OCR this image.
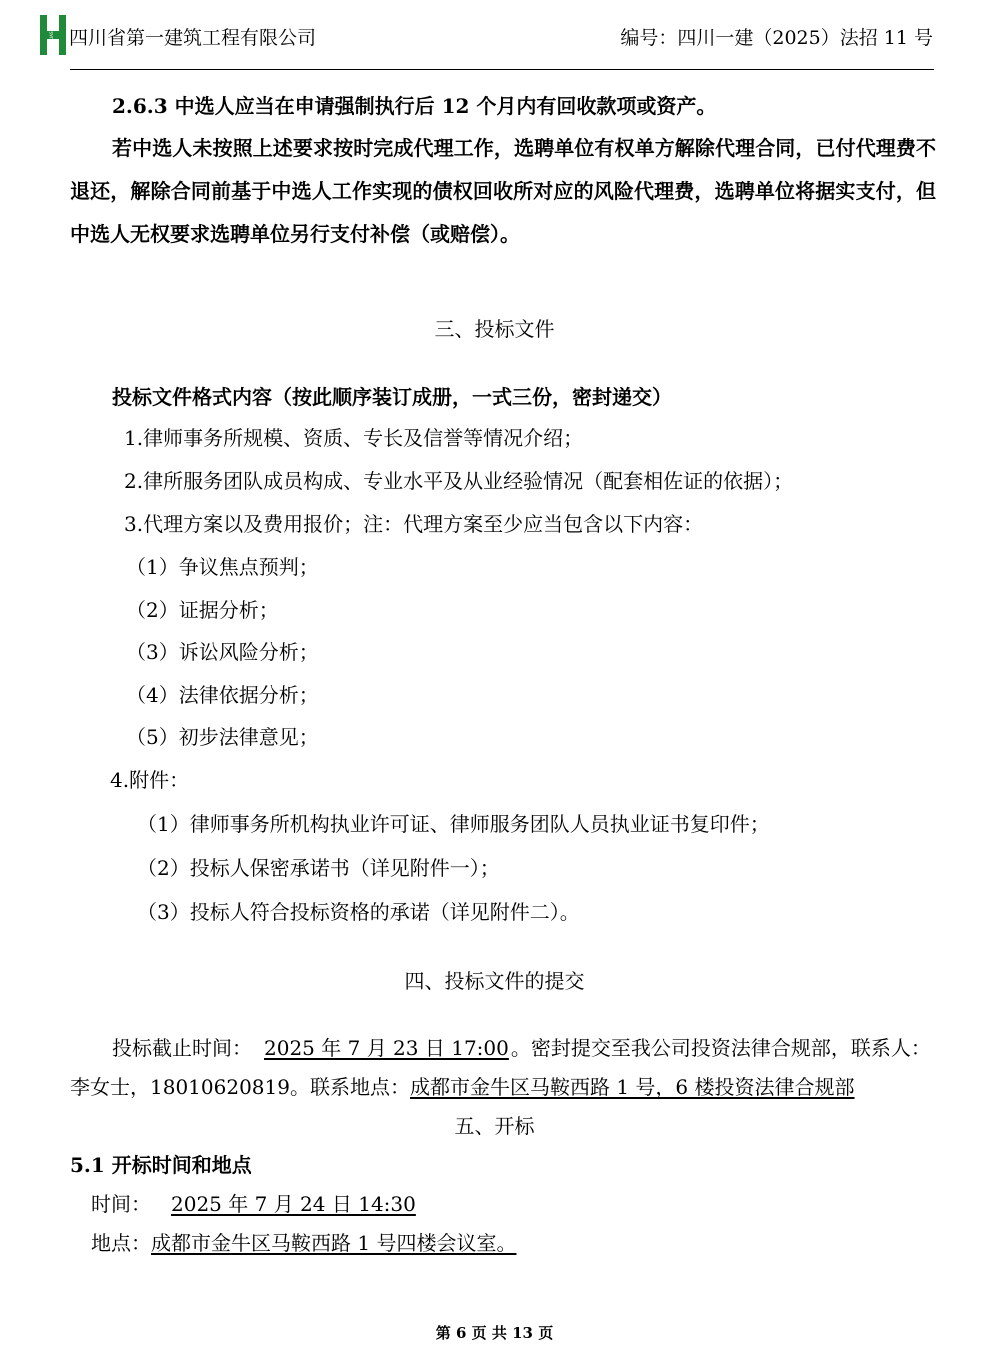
HUASHI 四川省第一建筑工程有限公司	编号：四川一建（2025）法招 11 号
2.6.3 中选人应当在申请强制执行后 12 个月内有回收款项或资产。
若中选人未按照上述要求按时完成代理工作，选聘单位有权单方解除代理合同，已付代理费不退还，解除合同前基于中选人工作实现的债权回收所对应的风险代理费，选聘单位将据实支付，但中选人无权要求选聘单位另行支付补偿（或赔偿）。
三、投标文件
投标文件格式内容（按此顺序装订成册，一式三份，密封递交）
1.律师事务所规模、资质、专长及信誉等情况介绍；
2.律所服务团队成员构成、专业水平及从业经验情况（配套相佐证的依据）；
3.代理方案以及费用报价；注：代理方案至少应当包含以下内容：
（1）争议焦点预判；
（2）证据分析；
（3）诉讼风险分析；
（4）法律依据分析；
（5）初步法律意见；
4.附件：
（1）律师事务所机构执业许可证、律师服务团队人员执业证书复印件；
（2）投标人保密承诺书（详见附件一）；
（3）投标人符合投标资格的承诺（详见附件二）。
四、投标文件的提交
投标截止时间： 2025 年 7 月 23 日 17:00 。密封提交至我公司投资法律合规部，联系人：
李女士，18010620819。联系地点：成都市金牛区马鞍西路 1 号，6 楼投资法律合规部
五、开标
5.1 开标时间和地点
时间： 2025 年 7 月 24 日 14:30
地点：成都市金牛区马鞍西路 1 号四楼会议室。
第 6 页 共 13 页
